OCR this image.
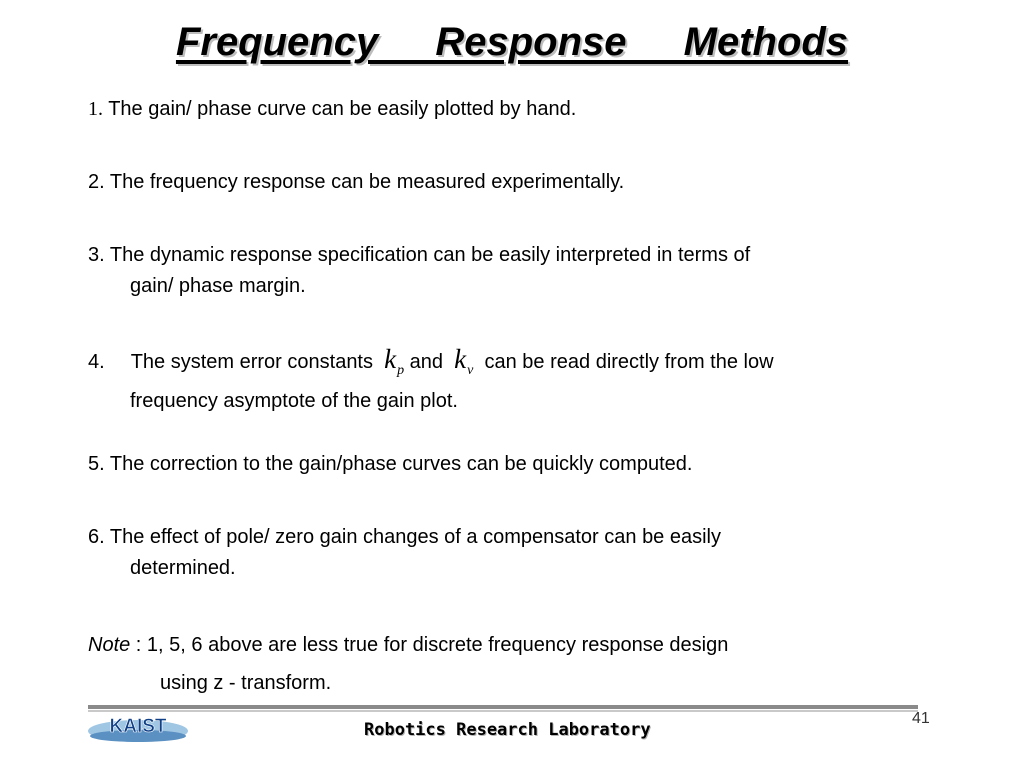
Frequency Response Methods
1. The gain/ phase curve can be easily plotted by hand.
2. The frequency response can be measured experimentally.
3. The dynamic response specification can be easily interpreted in terms of
gain/ phase margin.
4. The system error constants $k_p$ and $k_v$ can be read directly from the low
frequency asymptote of the gain plot.
5. The correction to the gain/phase curves can be quickly computed.
6. The effect of pole/ zero gain changes of a compensator can be easily
determined.
Note : 1, 5, 6 above are less true for discrete frequency response design
using z - transform.
KAIST	Robotics Research Laboratory
41
